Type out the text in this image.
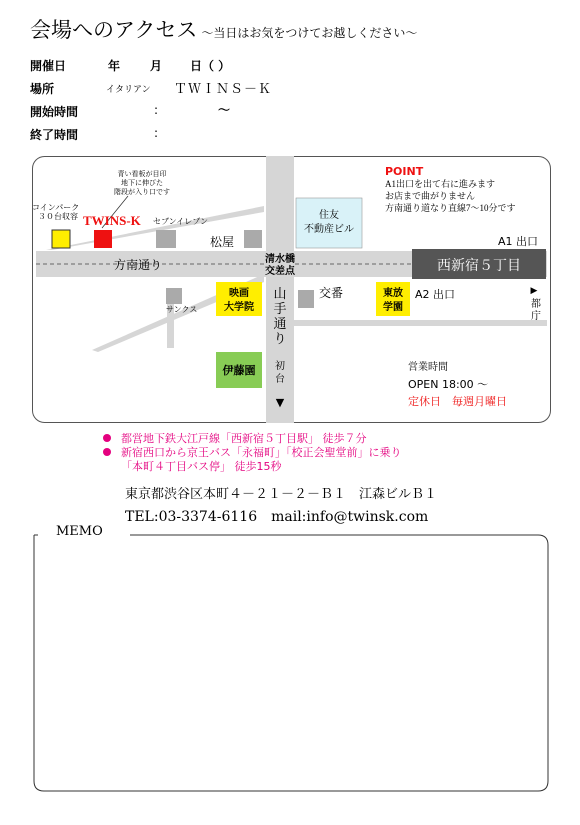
会場へのアクセス ～当日はお気をつけてお越しください～
開催日	年 月 日（ ）
場所	イタリアン ＴＷＩＮＳ－Ｋ
開始時間	:	～
終了時間	:
青い看板が目印
地下に伸びた
階段が入り口です
コインパーク
３０台収容 TWINS-K セブンイレブン
松屋
住友
不動産ビル
POINT
A1出口を出て右に進みます
お店まで曲がりません
方南通り道なり直線7～10分です
A1 出口
方南通り	清水橋
交差点	西新宿５丁目
サンクス
映画
大学院
山
手
通
り
交番	東放
学園
A2 出口	▶
都
庁
伊藤園 初
台
▼
営業時間
OPEN 18:00 ～
定休日　毎週月曜日
都営地下鉄大江戸線「西新宿５丁目駅」 徒歩７分
新宿西口から京王バス「永福町」「校正会聖堂前」に乗り
「本町４丁目バス停」 徒歩15秒
東京都渋谷区本町４－２１－２－Ｂ１　江森ビルＢ１
TEL:03-3374-6116　mail:info@twinsk.com
MEMO
